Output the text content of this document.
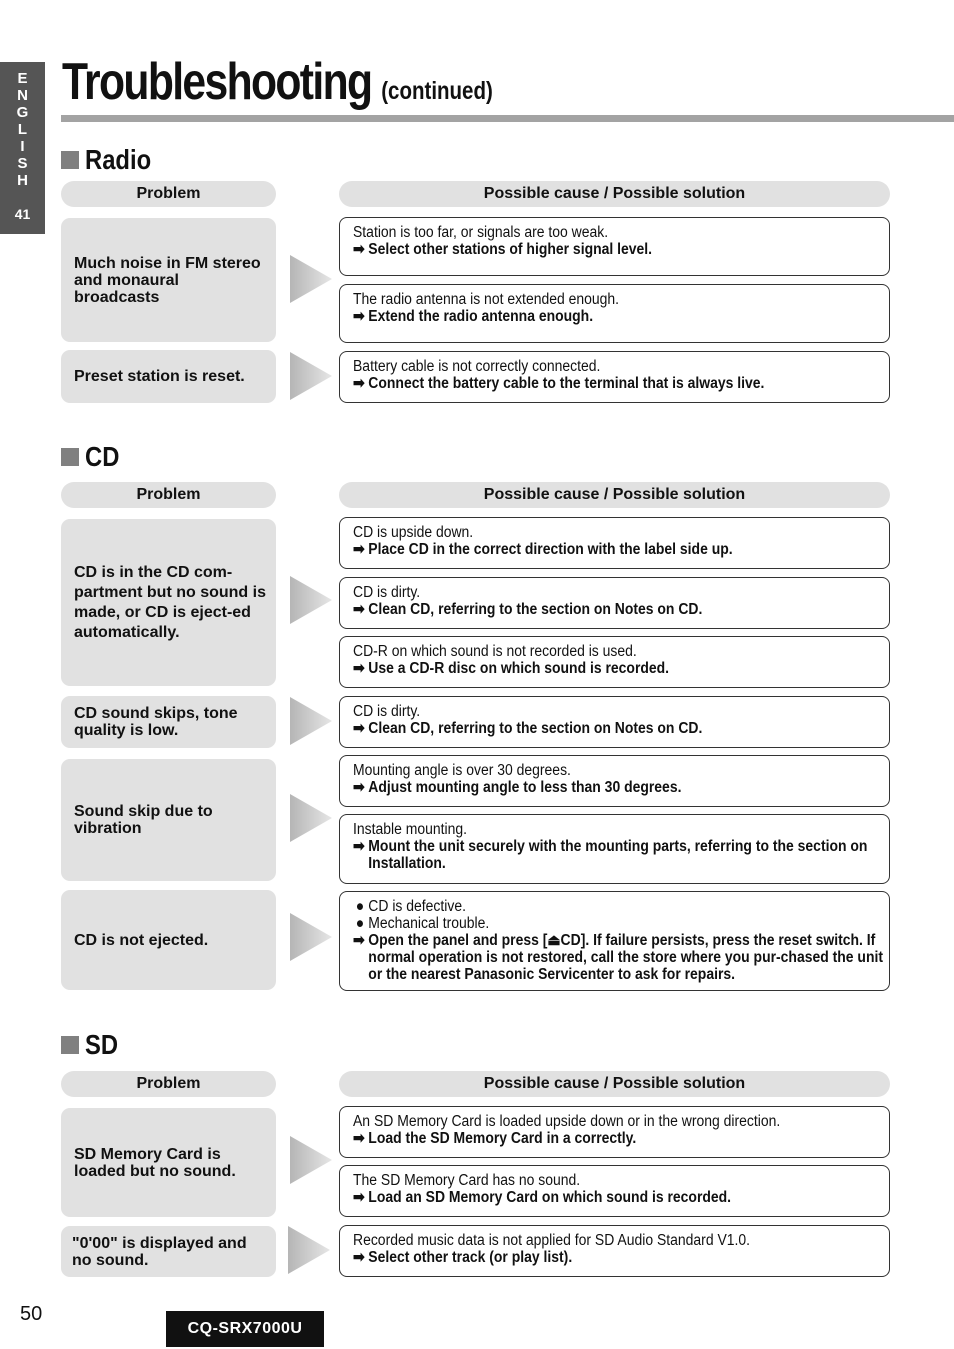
E
N
G
L
I
S
H
41
Troubleshooting (continued)
Radio
Problem	Possible cause / Possible solution
Much noise in FM stereo and monaural broadcasts
Station is too far, or signals are too weak.
➡ Select other stations of higher signal level.
The radio antenna is not extended enough.
➡ Extend the radio antenna enough.
Preset station is reset.
Battery cable is not correctly connected.
➡ Connect the battery cable to the terminal that is always live.
CD
Problem	Possible cause / Possible solution
CD is in the CD com-partment but no sound is made, or CD is eject-ed automatically.
CD is upside down.
➡ Place CD in the correct direction with the label side up.
CD is dirty.
➡ Clean CD, referring to the section on Notes on CD.
CD-R on which sound is not recorded is used.
➡ Use a CD-R disc on which sound is recorded.
CD sound skips, tone quality is low.
CD is dirty.
➡ Clean CD, referring to the section on Notes on CD.
Sound skip due to vibration
Mounting angle is over 30 degrees.
➡ Adjust mounting angle to less than 30 degrees.
Instable mounting.
➡ Mount the unit securely with the mounting parts, referring to the section on Installation.
CD is not ejected.
● CD is defective.
● Mechanical trouble.
➡ Open the panel and press [⏏CD]. If failure persists, press the reset switch. If normal operation is not restored, call the store where you pur-chased the unit or the nearest Panasonic Servicenter to ask for repairs.
SD
Problem	Possible cause / Possible solution
SD Memory Card is loaded but no sound.
An SD Memory Card is loaded upside down or in the wrong direction.
➡ Load the SD Memory Card in a correctly.
The SD Memory Card has no sound.
➡ Load an SD Memory Card on which sound is recorded.
"0'00" is displayed and no sound.
Recorded music data is not applied for SD Audio Standard V1.0.
➡ Select other track (or play list).
50
CQ-SRX7000U
